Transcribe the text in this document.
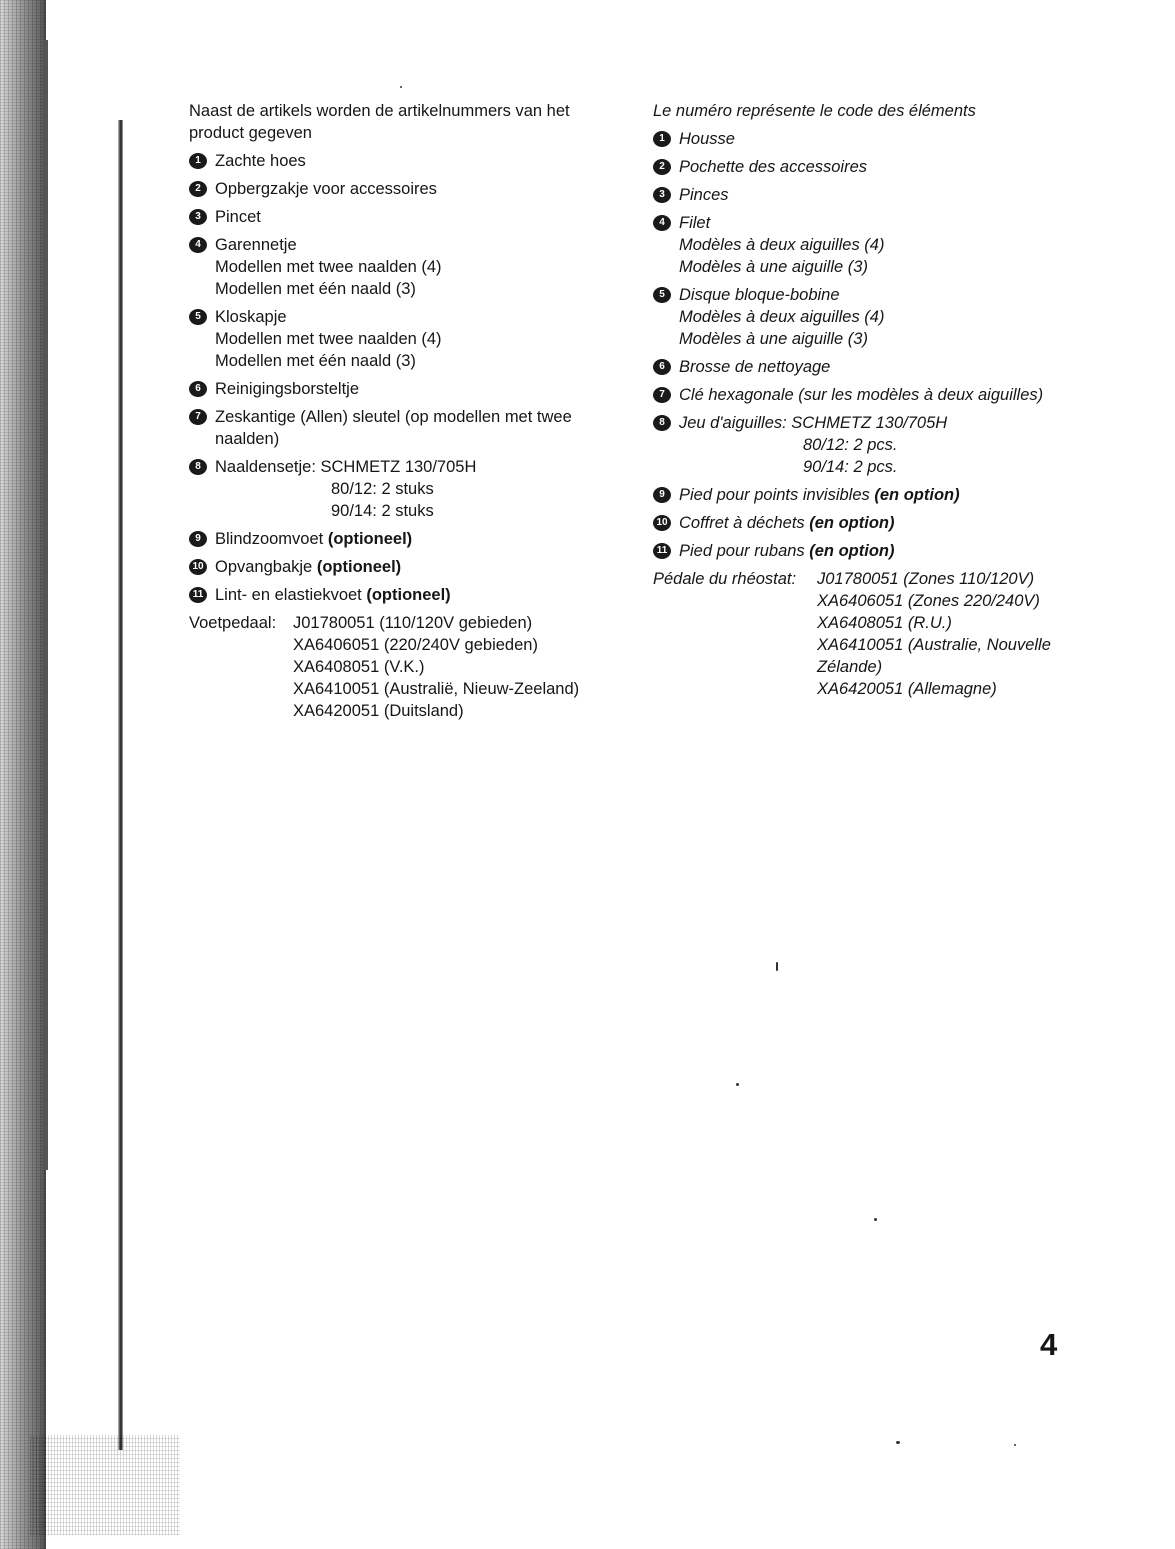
Naast de artikels worden de artikelnummers van het product gegeven
1 Zachte hoes
2 Opbergzakje voor accessoires
3 Pincet
4 Garennetje
Modellen met twee naalden (4)
Modellen met één naald (3)
5 Kloskapje
Modellen met twee naalden (4)
Modellen met één naald (3)
6 Reinigingsborsteltje
7 Zeskantige (Allen) sleutel (op modellen met twee naalden)
8 Naaldensetje: SCHMETZ 130/705H
80/12: 2 stuks
90/14: 2 stuks
9 Blindzoomvoet (optioneel)
10 Opvangbakje (optioneel)
11 Lint- en elastiekvoet (optioneel)
Voetpedaal:	J01780051 (110/120V gebieden)
XA6406051 (220/240V gebieden)
XA6408051 (V.K.)
XA6410051 (Australië, Nieuw-Zeeland)
XA6420051 (Duitsland)
Le numéro représente le code des éléments
1 Housse
2 Pochette des accessoires
3 Pinces
4 Filet
Modèles à deux aiguilles (4)
Modèles à une aiguille (3)
5 Disque bloque-bobine
Modèles à deux aiguilles (4)
Modèles à une aiguille (3)
6 Brosse de nettoyage
7 Clé hexagonale (sur les modèles à deux aiguilles)
8 Jeu d'aiguilles: SCHMETZ 130/705H
80/12: 2 pcs.
90/14: 2 pcs.
9 Pied pour points invisibles (en option)
10 Coffret à déchets (en option)
11 Pied pour rubans (en option)
Pédale du rhéostat:	J01780051 (Zones 110/120V)
XA6406051 (Zones 220/240V)
XA6408051 (R.U.)
XA6410051 (Australie, Nouvelle Zélande)
XA6420051 (Allemagne)
4
